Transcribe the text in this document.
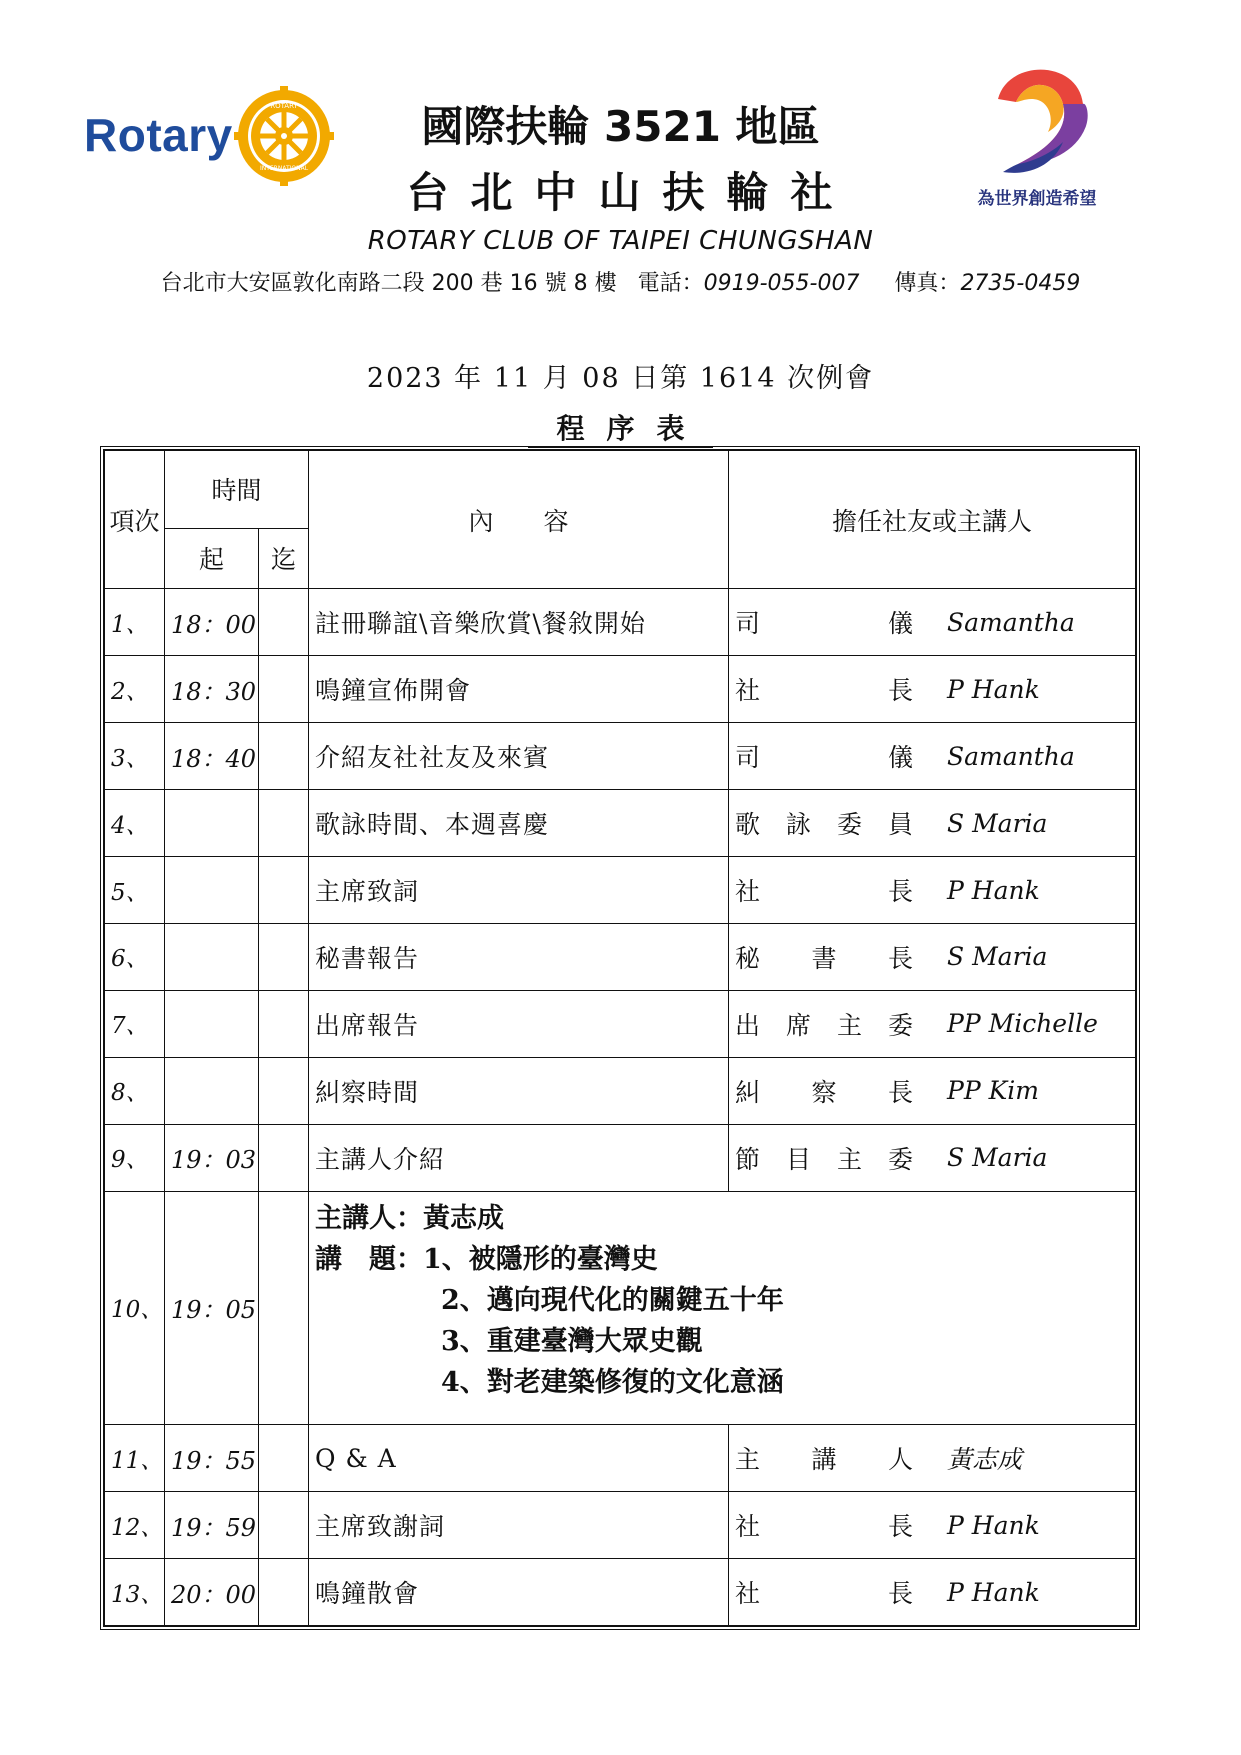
Rotary
ROTARY
INTERNATIONAL
為世界創造希望
國際扶輪 3521 地區
台北中山扶輪社
ROTARY CLUB OF TAIPEI CHUNGSHAN
台北市大安區敦化南路二段 200 巷 16 號 8 樓 電話：0919-055-007 傳真：2735-0459
2023 年 11 月 08 日第 1614 次例會
程序表
項次	時間		內　　容	擔任社友或主講人
	起	迄		
1、	18：00		註冊聯誼\音樂欣賞\餐敘開始	司儀 Samantha
2、	18：30		鳴鐘宣佈開會	社長 P Hank
3、	18：40		介紹友社社友及來賓	司儀 Samantha
4、			歌詠時間、本週喜慶	歌詠委員 S Maria
5、			主席致詞	社長 P Hank
6、			秘書報告	秘書長 S Maria
7、			出席報告	出席主委 PP Michelle
8、			糾察時間	糾察長 PP Kim
9、	19：03		主講人介紹	節目主委 S Maria
10、	19：05		主講人：黃志成
講　題：1、被隱形的臺灣史
2、邁向現代化的關鍵五十年
3、重建臺灣大眾史觀
4、對老建築修復的文化意涵	

11、	19：55		Q & A	主講人 黃志成
12、	19：59		主席致謝詞	社長 P Hank
13、	20：00		鳴鐘散會	社長 P Hank
